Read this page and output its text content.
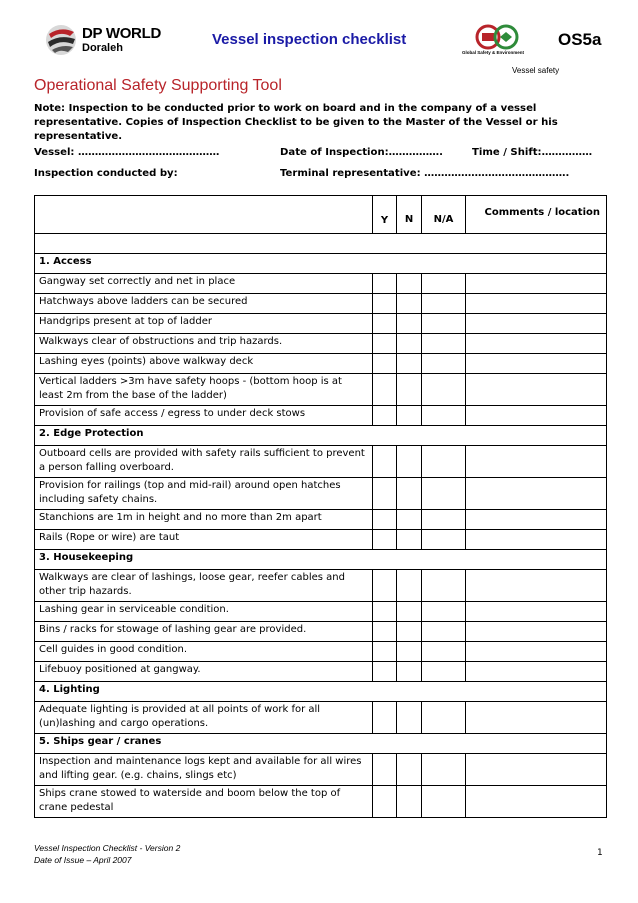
DP WORLD
Doraleh	Vessel inspection checklist
Global Safety & Environment
OS5a
Vessel safety
Operational Safety Supporting Tool
Note: Inspection to be conducted prior to work on board and in the company of a vessel representative. Copies of Inspection Checklist to be given to the Master of the Vessel or his representative.
Vessel: ……………………………………	Date of Inspection:…………….	Time / Shift:……………
Inspection conducted by:	Terminal representative: …………………………………….
	Y	N	N/A	Comments / location

1. Access				
Gangway set correctly and net in place				
Hatchways above ladders can be secured				
Handgrips present at top of ladder				
Walkways clear of obstructions and trip hazards.				
Lashing eyes (points) above walkway deck				
Vertical ladders >3m have safety hoops - (bottom hoop is at least 2m from the base of the ladder)				
Provision of safe access / egress to under deck stows				
2. Edge Protection				
Outboard cells are provided with safety rails sufficient to prevent a person falling overboard.				
Provision for railings (top and mid-rail) around open hatches including safety chains.				
Stanchions are 1m in height and no more than 2m apart				
Rails (Rope or wire) are taut				
3. Housekeeping				
Walkways are clear of lashings, loose gear, reefer cables and other trip hazards.				
Lashing gear in serviceable condition.				
Bins / racks for stowage of lashing gear are provided.				
Cell guides in good condition.				
Lifebuoy positioned at gangway.				
4. Lighting				
Adequate lighting is provided at all points of work for all (un)lashing and cargo operations.				
5. Ships gear / cranes				
Inspection and maintenance logs kept and available for all wires and lifting gear. (e.g. chains, slings etc)				
Ships crane stowed to waterside and boom below the top of crane pedestal				
Vessel Inspection Checklist - Version 2
Date of Issue – April 2007
1
